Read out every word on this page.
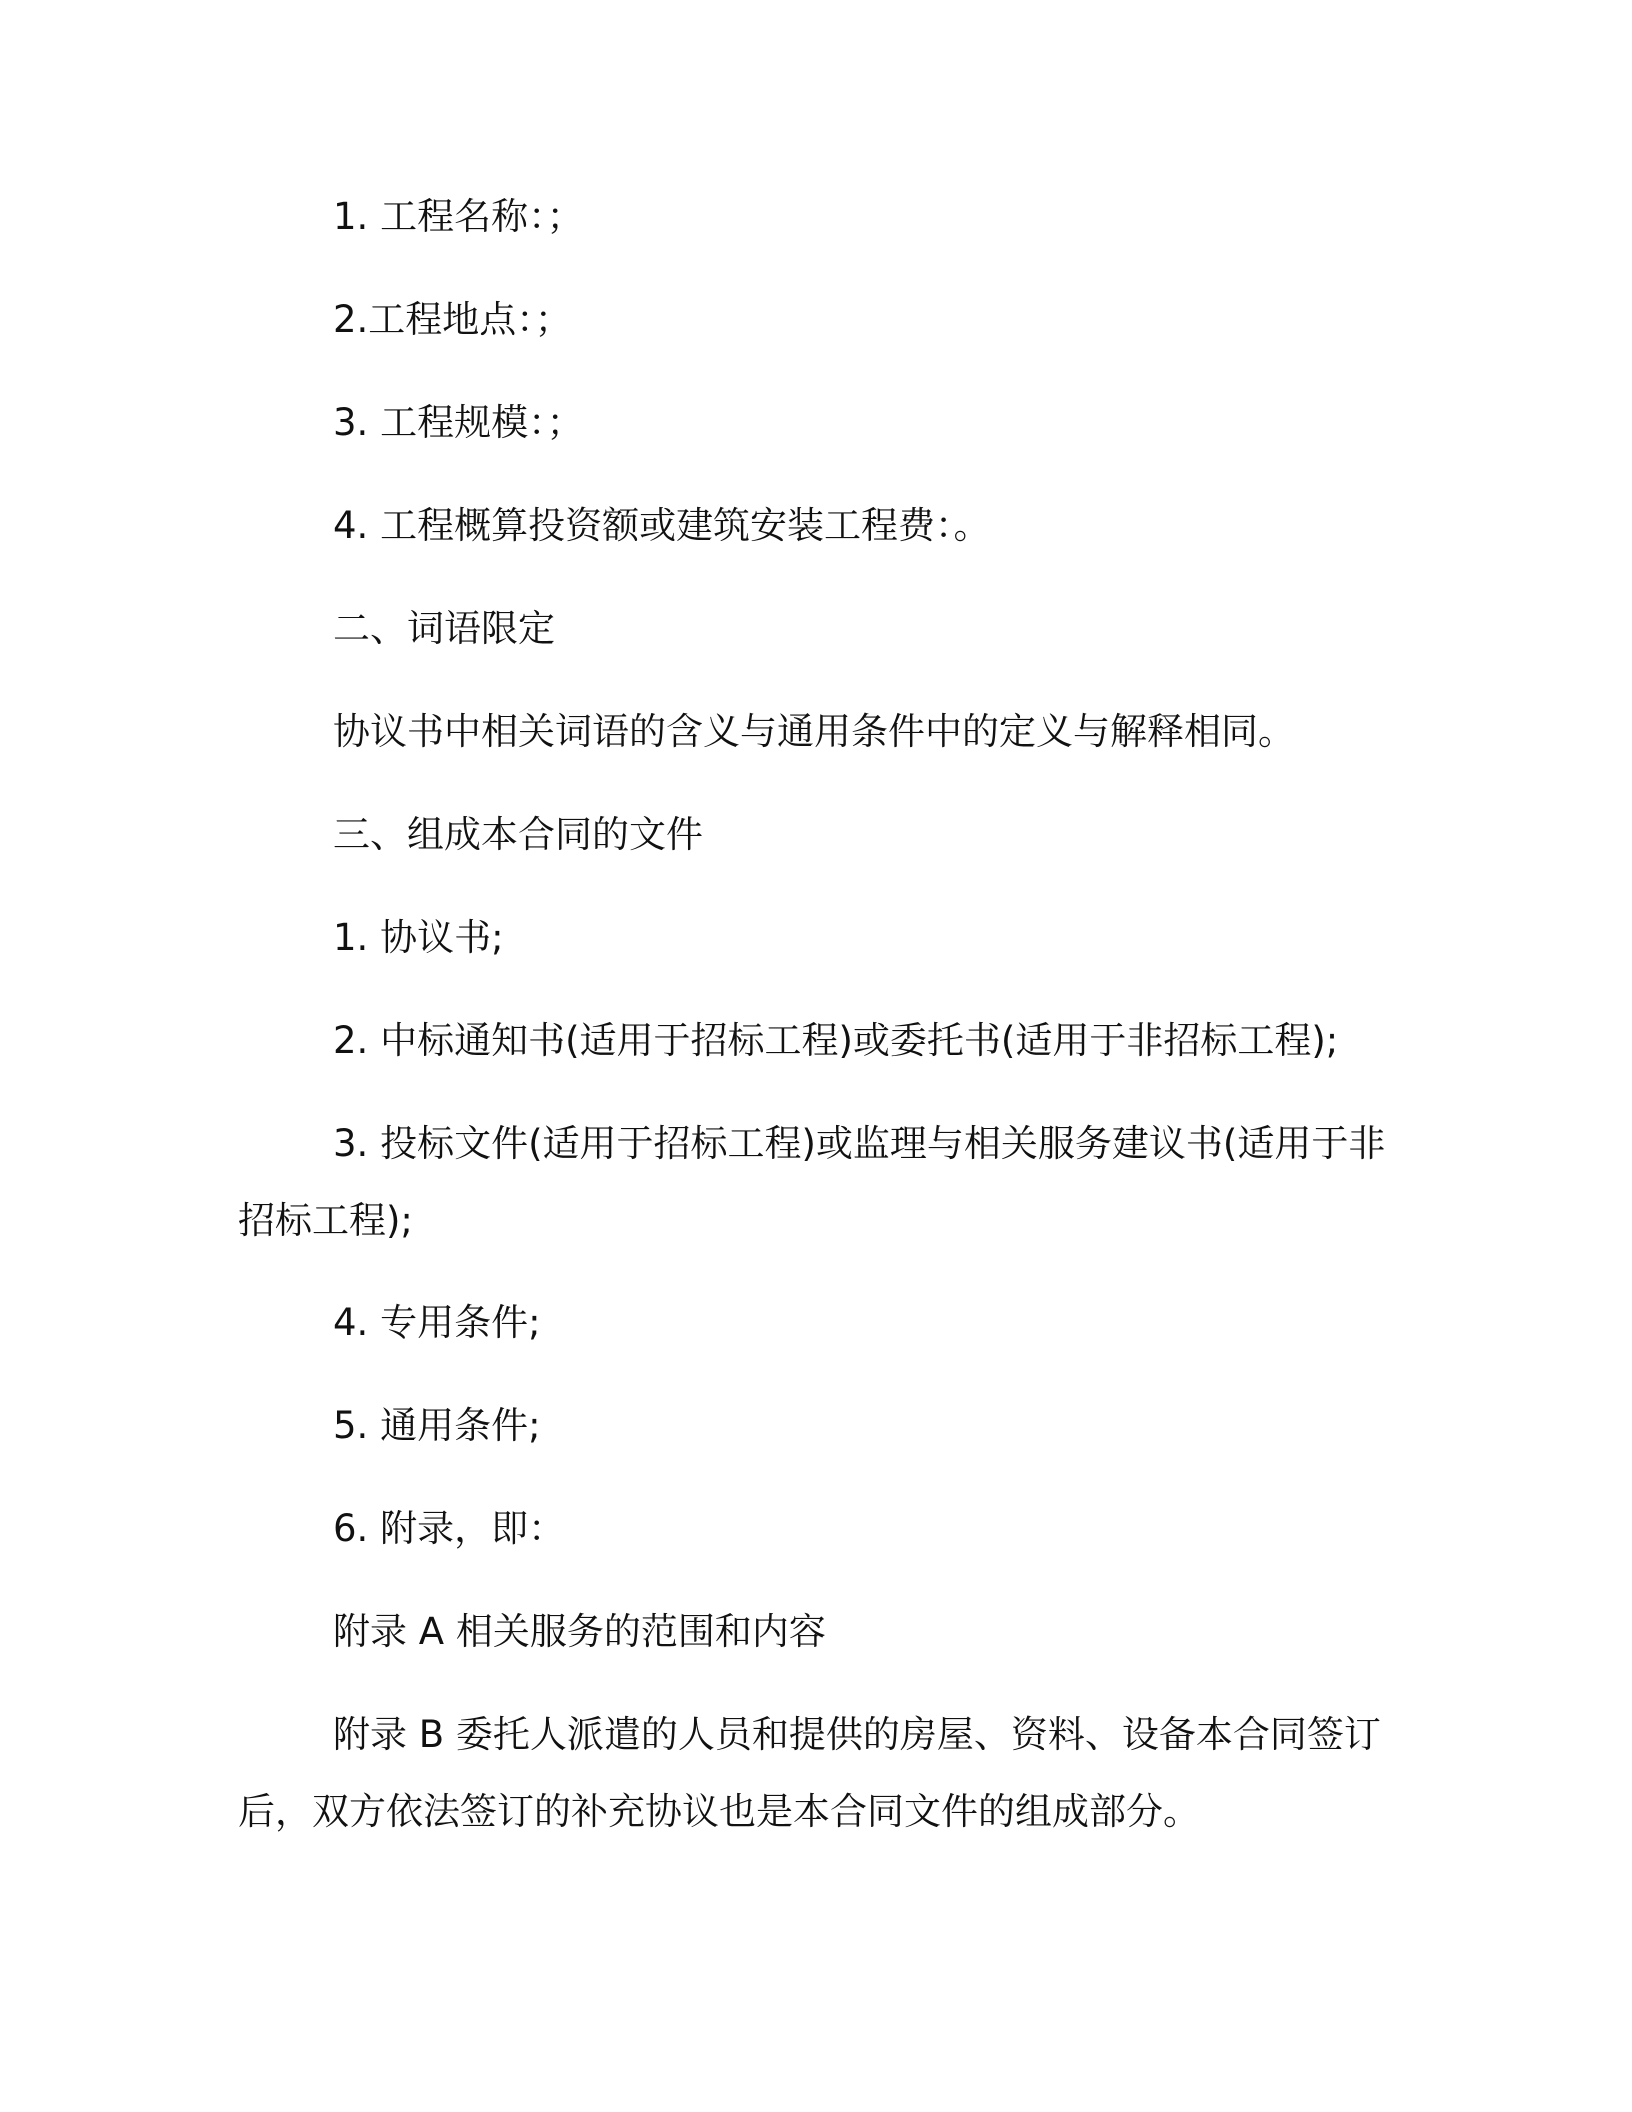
1. 工程名称：；
2.工程地点：；
3. 工程规模：；
4. 工程概算投资额或建筑安装工程费：。
二、词语限定
协议书中相关词语的含义与通用条件中的定义与解释相同。
三、组成本合同的文件
1. 协议书;
2. 中标通知书(适用于招标工程)或委托书(适用于非招标工程);
3. 投标文件(适用于招标工程)或监理与相关服务建议书(适用于非招标工程);
4. 专用条件;
5. 通用条件;
6. 附录，即：
附录 A 相关服务的范围和内容
附录 B 委托人派遣的人员和提供的房屋、资料、设备本合同签订后，双方依法签订的补充协议也是本合同文件的组成部分。
